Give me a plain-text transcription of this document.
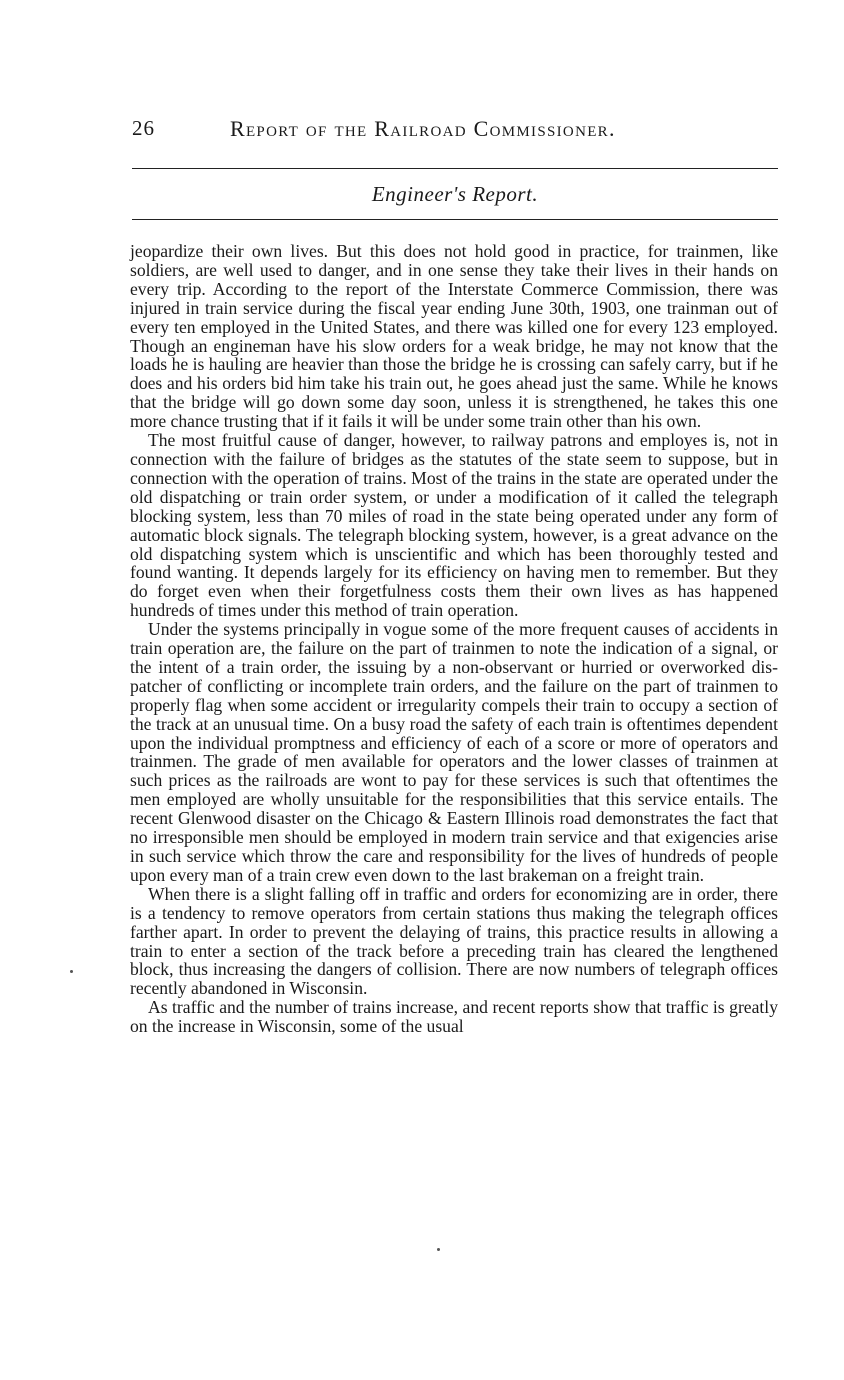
26	Report of the Railroad Commissioner.
Engineer's Report.

jeopardize their own lives. But this does not hold good in practice, for trainmen, like soldiers, are well used to danger, and in one sense they take their lives in their hands on every trip. According to the report of the Interstate Commerce Commission, there was injured in train service during the fiscal year ending June 30th, 1903, one trainman out of every ten employed in the United States, and there was killed one for every 123 employed. Though an engineman have his slow orders for a weak bridge, he may not know that the loads he is hauling are heavier than those the bridge he is crossing can safely carry, but if he does and his orders bid him take his train out, he goes ahead just the same. While he knows that the bridge will go down some day soon, unless it is strengthened, he takes this one more chance trusting that if it fails it will be under some train other than his own.

The most fruitful cause of danger, however, to railway patrons and employes is, not in connection with the failure of bridges as the statutes of the state seem to suppose, but in connection with the operation of trains. Most of the trains in the state are operated under the old dispatching or train order system, or under a modification of it called the telegraph blocking system, less than 70 miles of road in the state being operated under any form of automatic block signals. The telegraph blocking system, however, is a great advance on the old dispatching system which is unscientific and which has been thoroughly tested and found wanting. It depends largely for its efficiency on having men to remember. But they do forget even when their forgetfulness costs them their own lives as has happened hundreds of times under this method of train operation.

Under the systems principally in vogue some of the more frequent causes of accidents in train operation are, the failure on the part of trainmen to note the indication of a signal, or the intent of a train order, the issuing by a non-observant or hurried or overworked dispatcher of conflicting or incomplete train orders, and the failure on the part of trainmen to properly flag when some accident or irregularity compels their train to occupy a section of the track at an unusual time. On a busy road the safety of each train is oftentimes dependent upon the individual promptness and efficiency of each of a score or more of operators and trainmen. The grade of men available for operators and the lower classes of trainmen at such prices as the railroads are wont to pay for these services is such that oftentimes the men employed are wholly unsuitable for the responsibilities that this service entails. The recent Glenwood disaster on the Chicago & Eastern Illinois road demonstrates the fact that no irresponsible men should be employed in modern train service and that exigencies arise in such service which throw the care and responsibility for the lives of hundreds of people upon every man of a train crew even down to the last brakeman on a freight train.

When there is a slight falling off in traffic and orders for economizing are in order, there is a tendency to remove operators from certain stations thus making the telegraph offices farther apart. In order to prevent the delaying of trains, this practice results in allowing a train to enter a section of the track before a preceding train has cleared the lengthened block, thus increasing the dangers of collision. There are now numbers of telegraph offices recently abandoned in Wisconsin.

As traffic and the number of trains increase, and recent reports show that traffic is greatly on the increase in Wisconsin, some of the usual
